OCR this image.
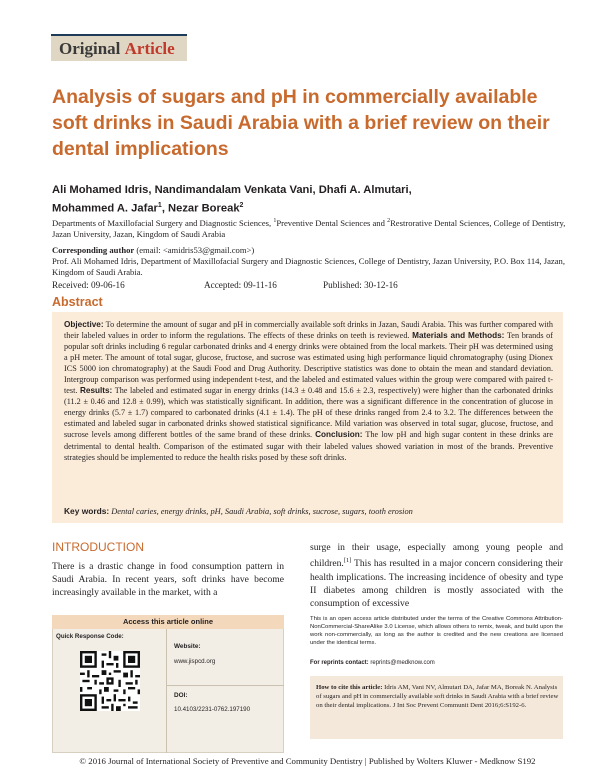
Original Article
Analysis of sugars and pH in commercially available soft drinks in Saudi Arabia with a brief review on their dental implications
Ali Mohamed Idris, Nandimandalam Venkata Vani, Dhafi A. Almutari,
Mohammed A. Jafar$^1$, Nezar Boreak$^2$
Departments of Maxillofacial Surgery and Diagnostic Sciences, $^1$Preventive Dental Sciences and $^2$Restrorative Dental Sciences, College of Dentistry, Jazan University, Jazan, Kingdom of Saudi Arabia
Corresponding author (email: <amidris53@gmail.com>)
Prof. Ali Mohamed Idris, Department of Maxillofacial Surgery and Diagnostic Sciences, College of Dentistry, Jazan University, P.O. Box 114, Jazan, Kingdom of Saudi Arabia.
Received: 09-06-16	Accepted: 09-11-16	Published: 30-12-16
Abstract
Objective: To determine the amount of sugar and pH in commercially available soft drinks in Jazan, Saudi Arabia. This was further compared with their labeled values in order to inform the regulations. The effects of these drinks on teeth is reviewed. Materials and Methods: Ten brands of popular soft drinks including 6 regular carbonated drinks and 4 energy drinks were obtained from the local markets. Their pH was determined using a pH meter. The amount of total sugar, glucose, fructose, and sucrose was estimated using high performance liquid chromatography (using Dionex ICS 5000 ion chromatography) at the Saudi Food and Drug Authority. Descriptive statistics was done to obtain the mean and standard deviation. Intergroup comparison was performed using independent t-test, and the labeled and estimated values within the group were compared with paired t-test. Results: The labeled and estimated sugar in energy drinks (14.3 ± 0.48 and 15.6 ± 2.3, respectively) were higher than the carbonated drinks (11.2 ± 0.46 and 12.8 ± 0.99), which was statistically significant. In addition, there was a significant difference in the concentration of glucose in energy drinks (5.7 ± 1.7) compared to carbonated drinks (4.1 ± 1.4). The pH of these drinks ranged from 2.4 to 3.2. The differences between the estimated and labeled sugar in carbonated drinks showed statistical significance. Mild variation was observed in total sugar, glucose, fructose, and sucrose levels among different bottles of the same brand of these drinks. Conclusion: The low pH and high sugar content in these drinks are detrimental to dental health. Comparison of the estimated sugar with their labeled values showed variation in most of the brands. Preventive strategies should be implemented to reduce the health risks posed by these soft drinks.
Key words: Dental caries, energy drinks, pH, Saudi Arabia, soft drinks, sucrose, sugars, tooth erosion
INTRODUCTION
There is a drastic change in food consumption pattern in Saudi Arabia. In recent years, soft drinks have become increasingly available in the market, with a
surge in their usage, especially among young people and children.[1] This has resulted in a major concern considering their health implications. The increasing incidence of obesity and type II diabetes among children is mostly associated with the consumption of excessive
Access this article online
Quick Response Code:
Website:
www.jispcd.org
DOI:
10.4103/2231-0762.197190
This is an open access article distributed under the terms of the Creative Commons Attribution-NonCommercial-ShareAlike 3.0 License, which allows others to remix, tweak, and build upon the work non-commercially, as long as the author is credited and the new creations are licensed under the identical terms.
For reprints contact: reprints@medknow.com
How to cite this article: Idris AM, Vani NV, Almutari DA, Jafar MA, Boreak N. Analysis of sugars and pH in commercially available soft drinks in Saudi Arabia with a brief review on their dental implications. J Int Soc Prevent Communit Dent 2016;6:S192-6.
© 2016 Journal of International Society of Preventive and Community Dentistry | Published by Wolters Kluwer - Medknow S192
